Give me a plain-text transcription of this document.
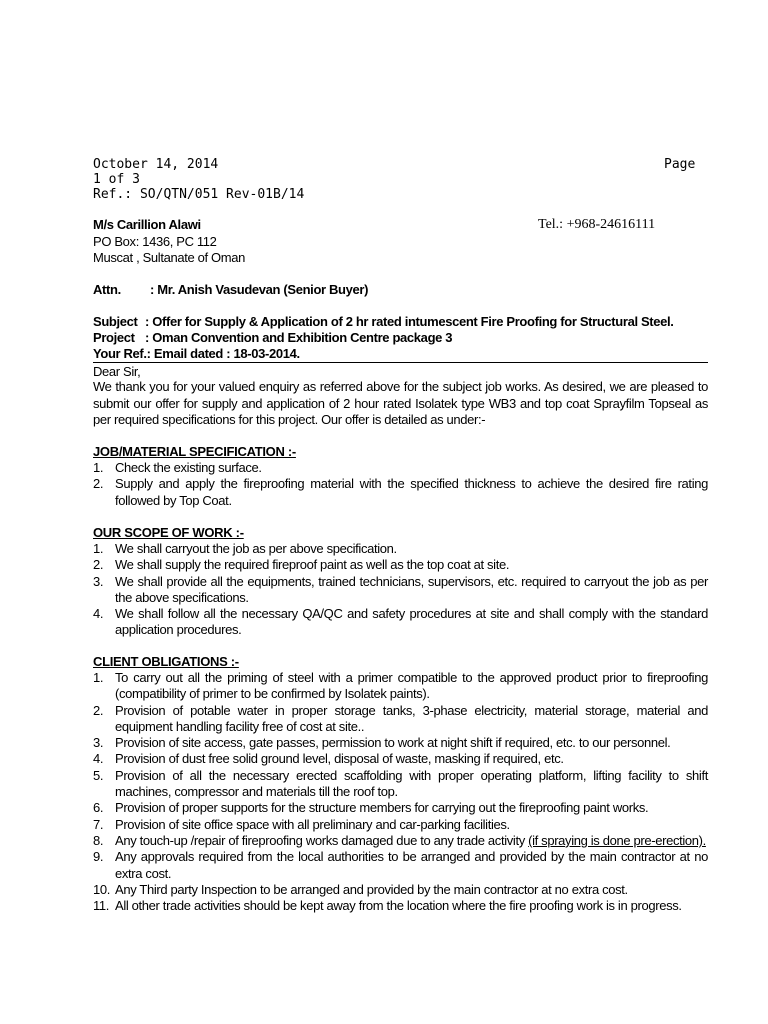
October 14, 2014	Page
1 of 3
Ref.: SO/QTN/051 Rev-01B/14
M/s Carillion Alawi	Tel.: +968-24616111
PO Box: 1436, PC 112
Muscat , Sultanate of Oman
Attn. : Mr. Anish Vasudevan (Senior Buyer)
Subject : Offer for Supply & Application of 2 hr rated intumescent Fire Proofing for Structural Steel.
Project : Oman Convention and Exhibition Centre package 3
Your Ref.: Email dated : 18-03-2014.
Dear Sir,
We thank you for your valued enquiry as referred above for the subject job works. As desired, we are pleased to submit our offer for supply and application of 2 hour rated Isolatek type WB3 and top coat Sprayfilm Topseal as per required specifications for this project. Our offer is detailed as under:-
JOB/MATERIAL SPECIFICATION :-
1. Check the existing surface.
2. Supply and apply the fireproofing material with the specified thickness to achieve the desired fire rating followed by Top Coat.
OUR SCOPE OF WORK :-
1. We shall carryout the job as per above specification.
2. We shall supply the required fireproof paint as well as the top coat at site.
3. We shall provide all the equipments, trained technicians, supervisors, etc. required to carryout the job as per the above specifications.
4. We shall follow all the necessary QA/QC and safety procedures at site and shall comply with the standard application procedures.
CLIENT OBLIGATIONS :-
1. To carry out all the priming of steel with a primer compatible to the approved product prior to fireproofing (compatibility of primer to be confirmed by Isolatek paints).
2. Provision of potable water in proper storage tanks, 3-phase electricity, material storage, material and equipment handling facility free of cost at site..
3. Provision of site access, gate passes, permission to work at night shift if required, etc. to our personnel.
4. Provision of dust free solid ground level, disposal of waste, masking if required, etc.
5. Provision of all the necessary erected scaffolding with proper operating platform, lifting facility to shift machines, compressor and materials till the roof top.
6. Provision of proper supports for the structure members for carrying out the fireproofing paint works.
7. Provision of site office space with all preliminary and car-parking facilities.
8. Any touch-up /repair of fireproofing works damaged due to any trade activity (if spraying is done pre-erection).
9. Any approvals required from the local authorities to be arranged and provided by the main contractor at no extra cost.
10. Any Third party Inspection to be arranged and provided by the main contractor at no extra cost.
11. All other trade activities should be kept away from the location where the fire proofing work is in progress.
